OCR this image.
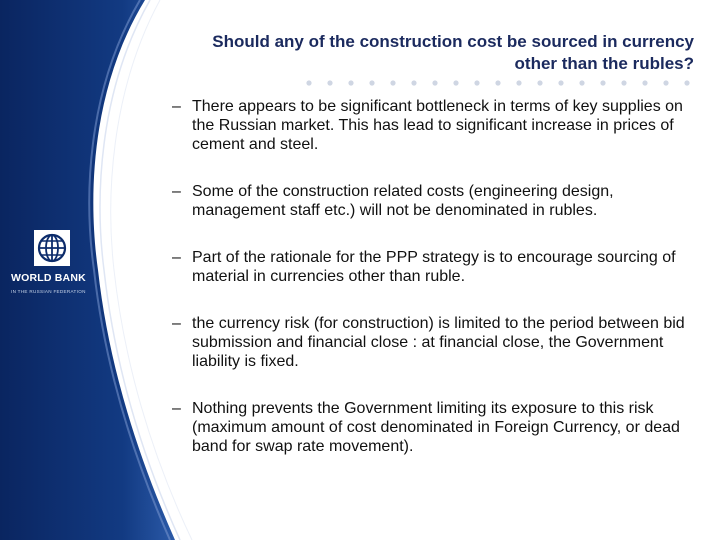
WORLD BANK
IN THE RUSSIAN FEDERATION
Should any of the construction cost be sourced in currency other than the rubles?
– There appears to be significant bottleneck in terms of key supplies on the Russian market. This has lead to significant increase in prices of cement and steel.
– Some of the construction related costs (engineering design, management staff etc.) will not be denominated in rubles.
– Part of the rationale for the PPP strategy is to encourage sourcing of material in currencies other than ruble.
– the currency risk (for construction) is limited to the period between bid submission and financial close : at financial close, the Government liability is fixed.
– Nothing prevents the Government limiting its exposure to this risk (maximum amount of cost denominated in Foreign Currency, or dead band for swap rate movement).
